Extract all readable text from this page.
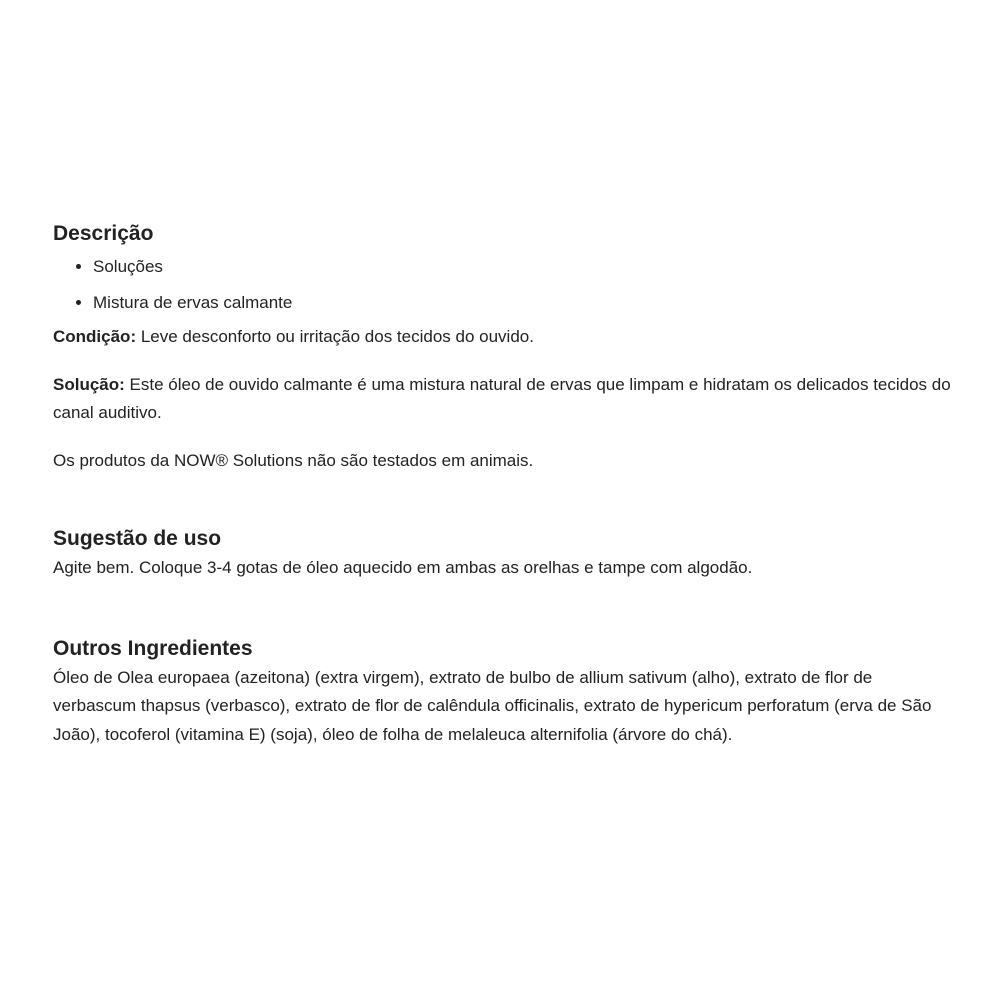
Descrição
• Soluções
• Mistura de ervas calmante

Condição: Leve desconforto ou irritação dos tecidos do ouvido.

Solução: Este óleo de ouvido calmante é uma mistura natural de ervas que limpam e hidratam os delicados tecidos do canal auditivo.

Os produtos da NOW® Solutions não são testados em animais.

Sugestão de uso

Agite bem. Coloque 3-4 gotas de óleo aquecido em ambas as orelhas e tampe com algodão.

Outros Ingredientes

Óleo de Olea europaea (azeitona) (extra virgem), extrato de bulbo de allium sativum (alho), extrato de flor de verbascum thapsus (verbasco), extrato de flor de calêndula officinalis, extrato de hypericum perforatum (erva de São João), tocoferol (vitamina E) (soja), óleo de folha de melaleuca alternifolia (árvore do chá).
